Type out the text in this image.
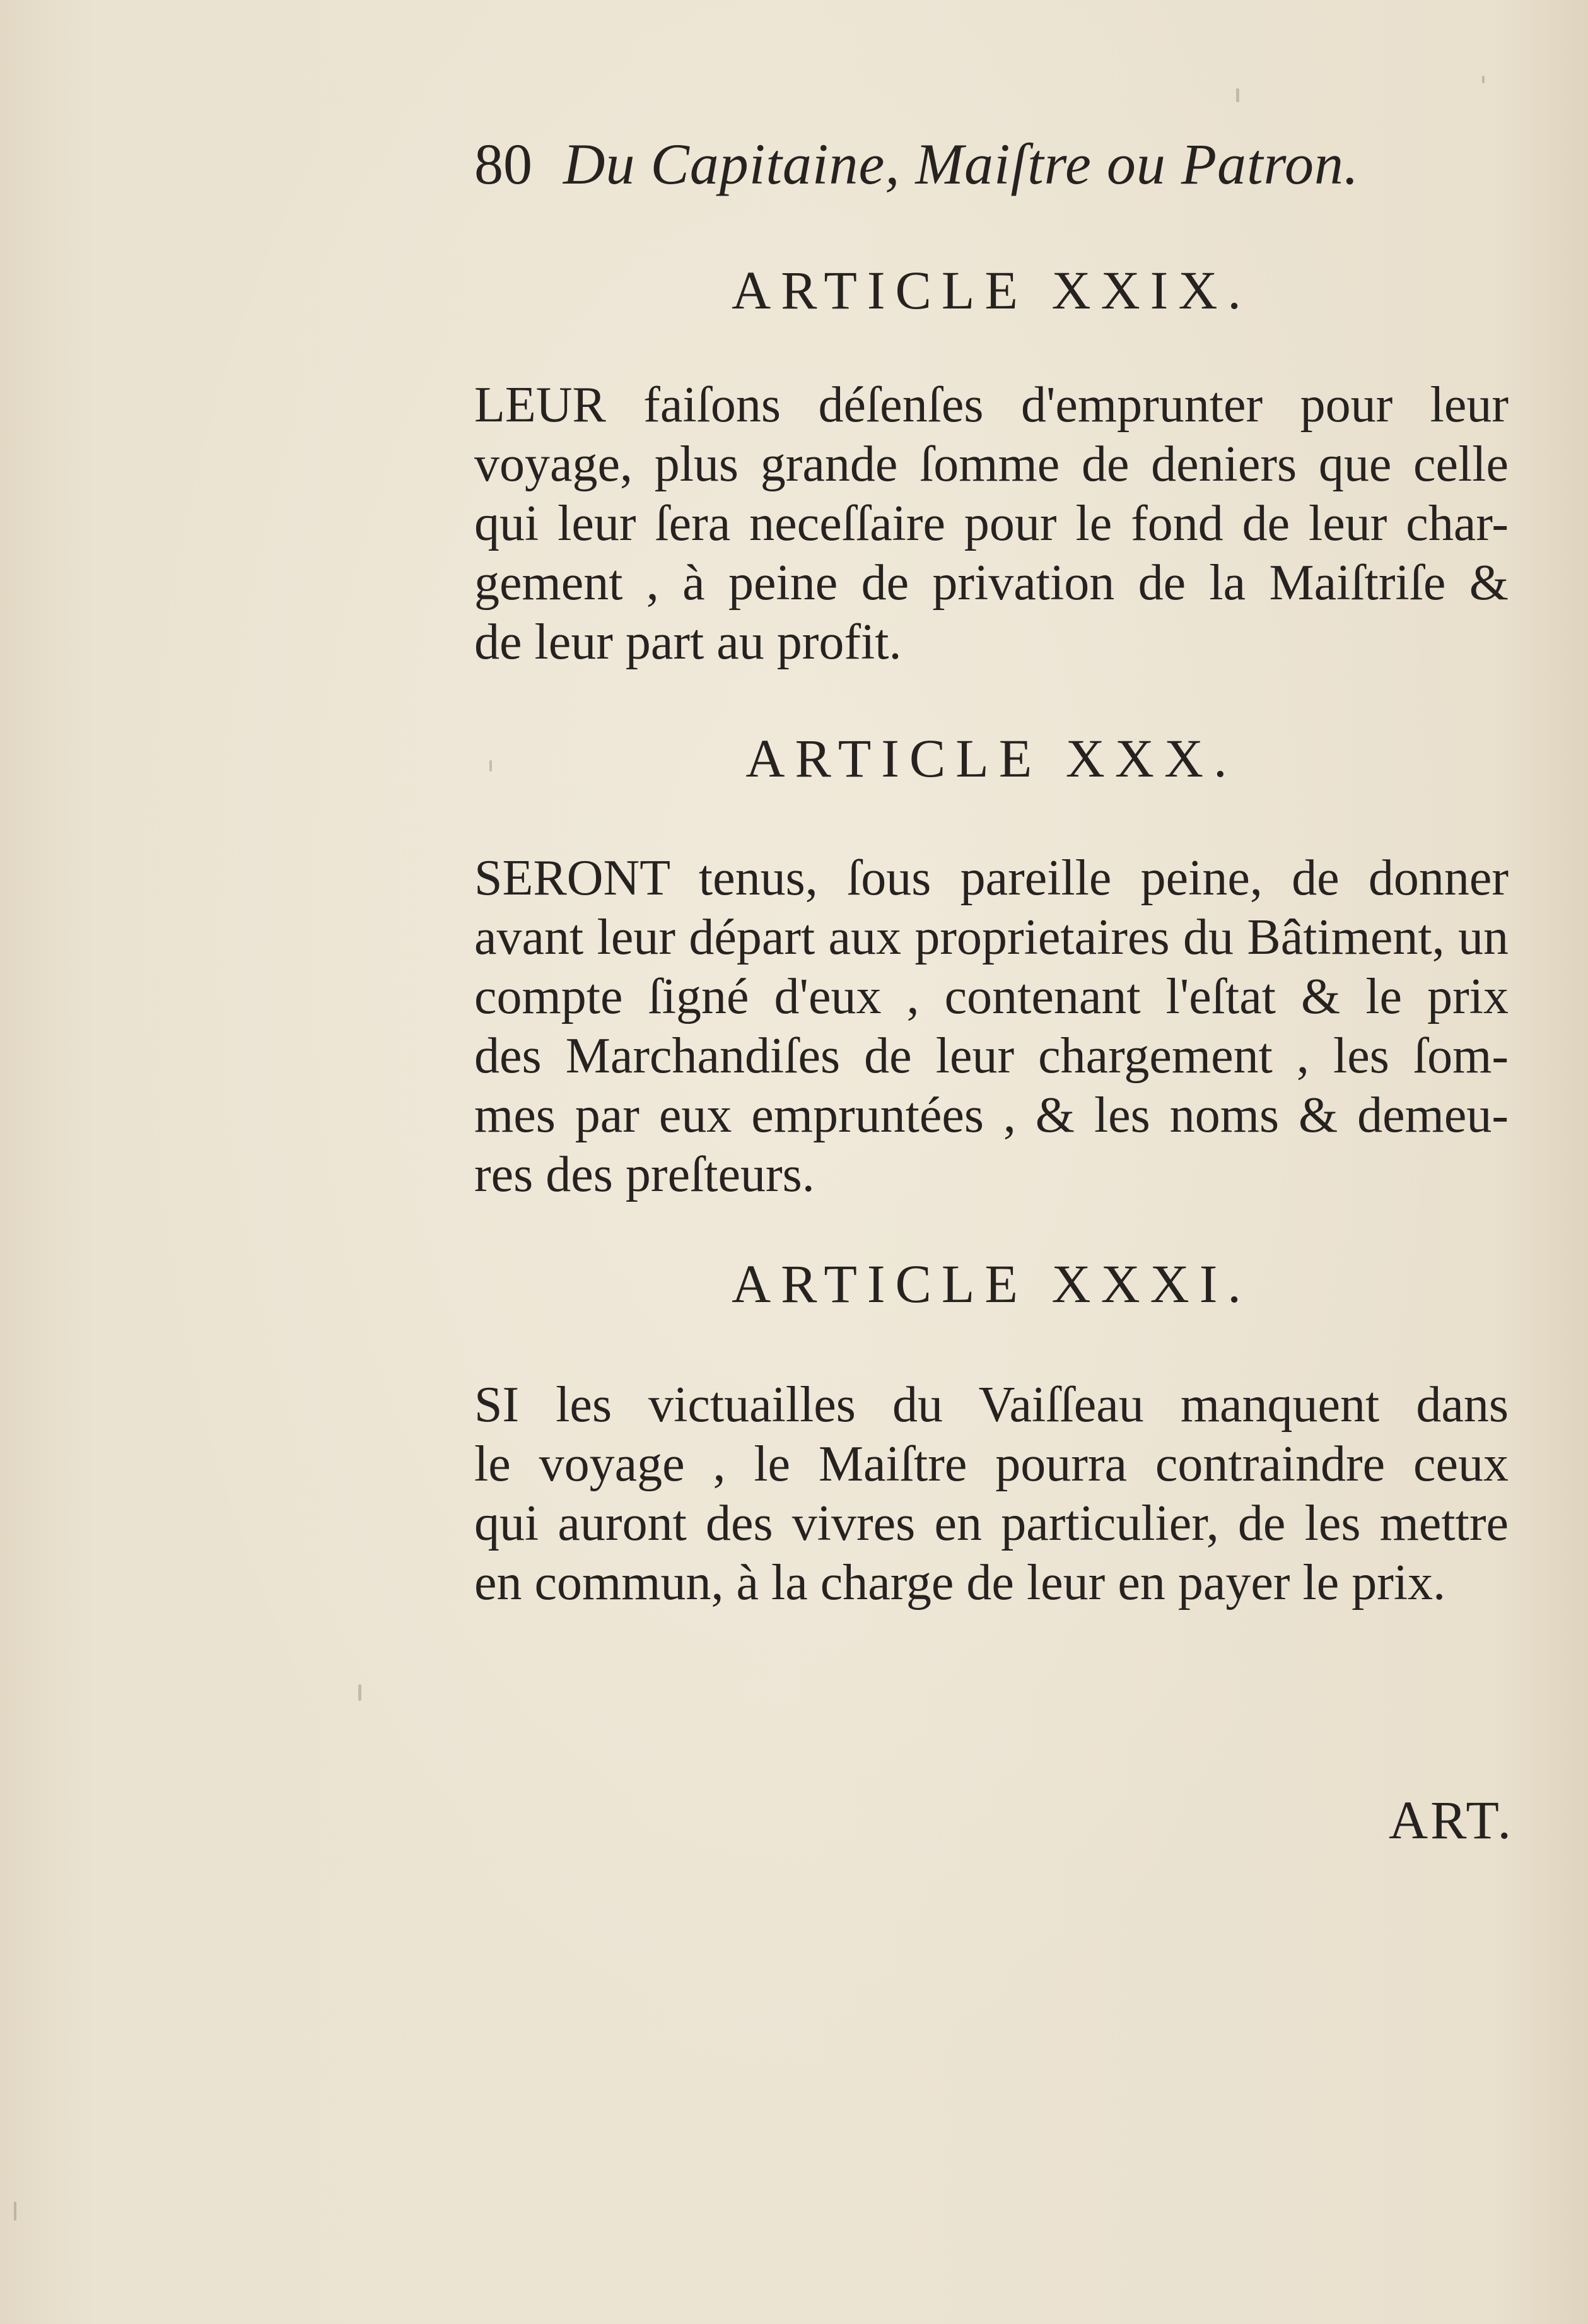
80 Du Capitaine, Maiſtre ou Patron.
ARTICLE XXIX.
LEUR faiſons déſenſes d'emprunter pour leur
voyage, plus grande ſomme de deniers que celle
qui leur ſera neceſſaire pour le fond de leur char-
gement , à peine de privation de la Maiſtriſe &
de leur part au profit.
ARTICLE XXX.
SERONT tenus, ſous pareille peine, de donner
avant leur départ aux proprietaires du Bâtiment, un
compte ſigné d'eux , contenant l'eſtat & le prix
des Marchandiſes de leur chargement , les ſom-
mes par eux empruntées , & les noms & demeu-
res des preſteurs.
ARTICLE XXXI.
SI les victuailles du Vaiſſeau manquent dans
le voyage , le Maiſtre pourra contraindre ceux
qui auront des vivres en particulier, de les mettre
en commun, à la charge de leur en payer le prix.
ART.
